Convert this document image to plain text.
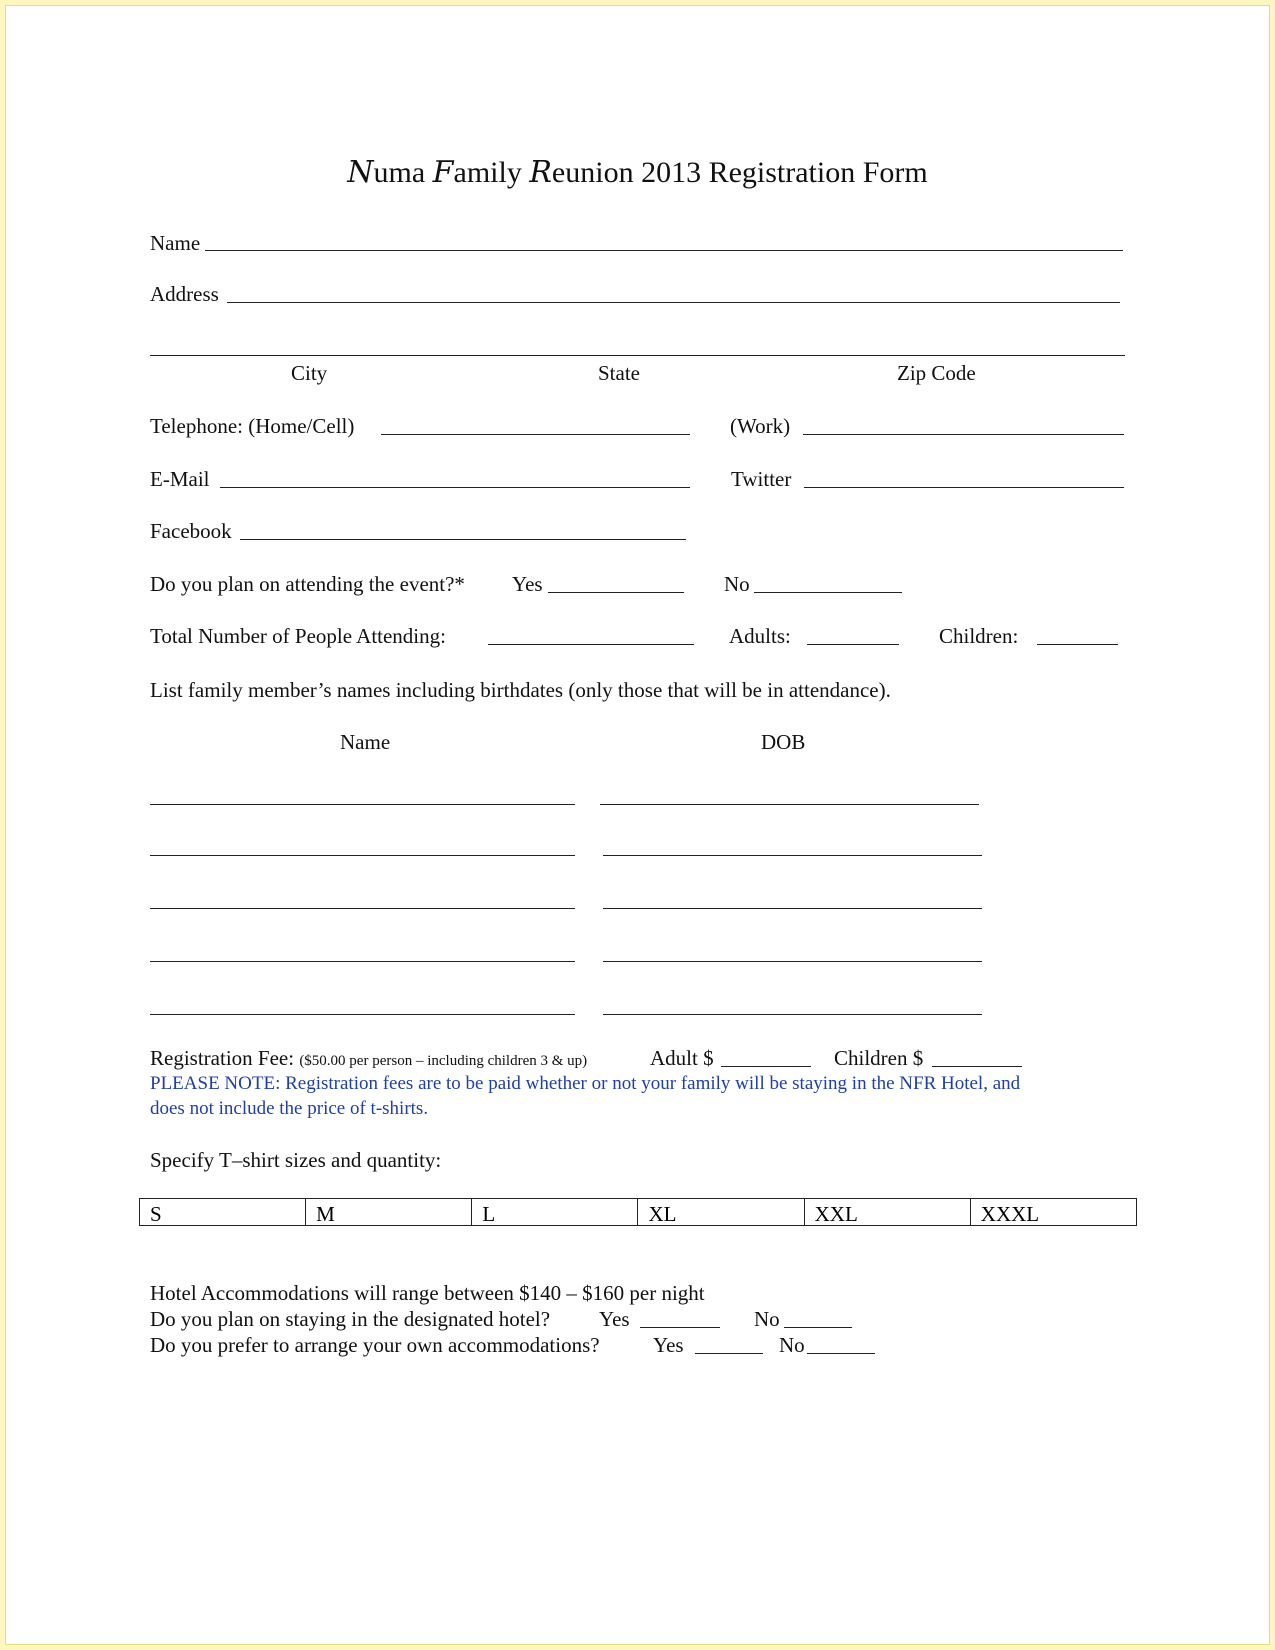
Numa Family Reunion 2013 Registration Form
Name
Address
City	State	Zip Code
Telephone: (Home/Cell)	(Work)
E-Mail	Twitter
Facebook
Do you plan on attending the event?* Yes	No
Total Number of People Attending:	Adults:	Children:
List family member’s names including birthdates (only those that will be in attendance).
Name	DOB
Registration Fee: ($50.00 per person – including children 3 & up)	Adult $	Children $
PLEASE NOTE: Registration fees are to be paid whether or not your family will be staying in the NFR Hotel, and
does not include the price of t-shirts.
Specify T–shirt sizes and quantity:
S	M	L	XL	XXL	XXXL
Hotel Accommodations will range between $140 – $160 per night
Do you plan on staying in the designated hotel? Yes	No
Do you prefer to arrange your own accommodations?	Yes	No
